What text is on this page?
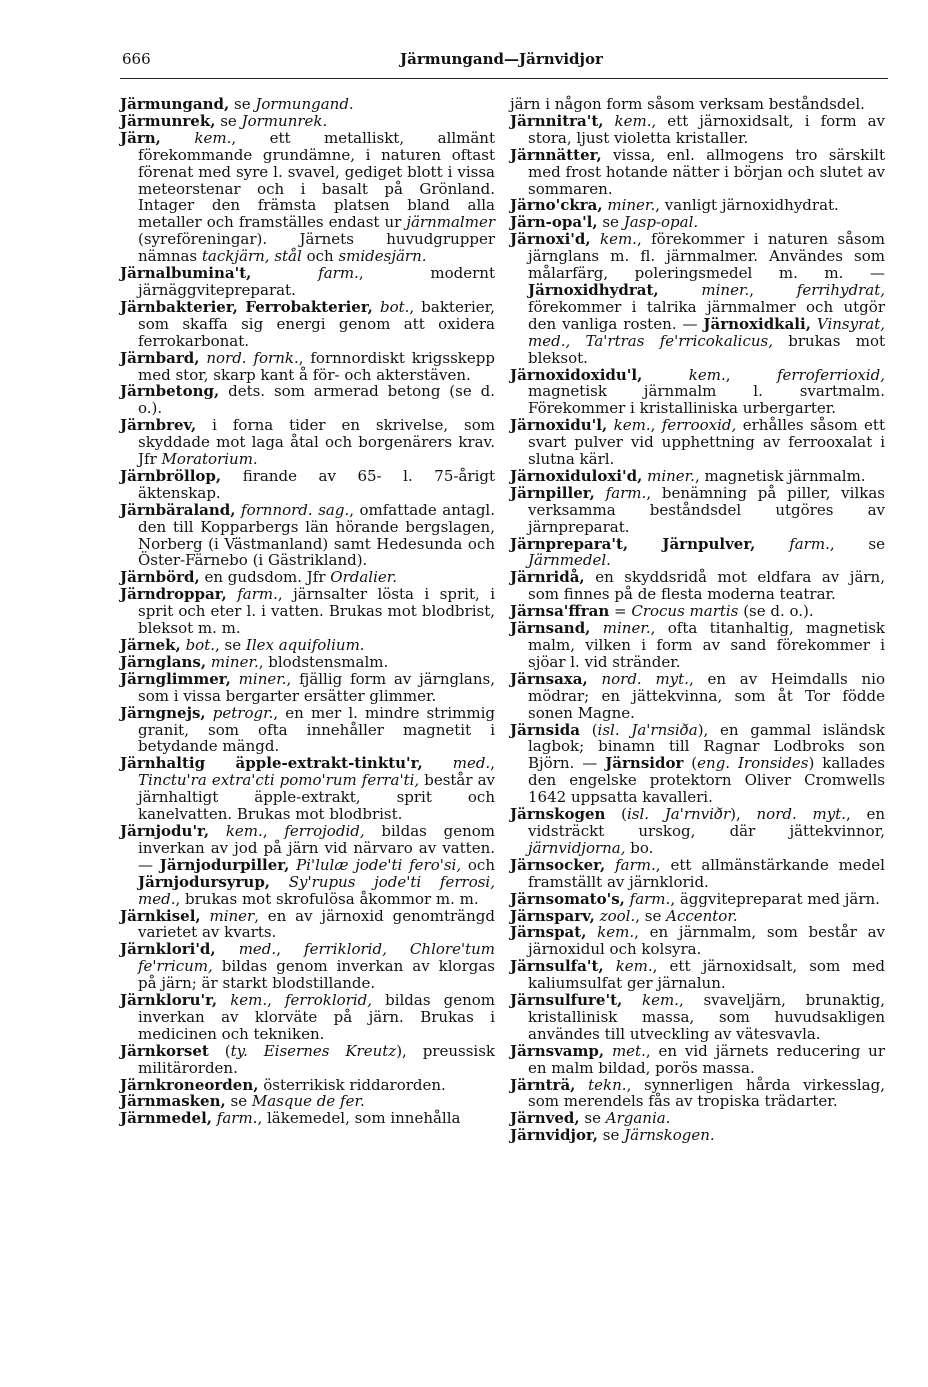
666	Järmungand—Järnvidjor
Järmungand, se Jormungand.
Järmunrek, se Jormunrek.
Järn, kem., ett metalliskt, allmänt förekommande grundämne, i naturen oftast förenat med syre l. svavel, gediget blott i vissa meteorstenar och i basalt på Grönland. Intager den främsta platsen bland alla metaller och framställes endast ur järnmalmer (syreföreningar). Järnets huvudgrupper nämnas tackjärn, stål och smidesjärn.
Järnalbumina't,	farm., modernt järnäggvitepreparat.
Järnbakterier, Ferrobakterier, bot., bakterier, som skaffa sig energi genom att oxidera ferrokarbonat.
Järnbard, nord. fornk., fornnordiskt krigsskepp med stor, skarp kant å för- och akterstäven.
Järnbetong, dets. som armerad betong (se d. o.).
Järnbrev, i forna tider en skrivelse, som skyddade mot laga åtal och borgenärers krav. Jfr Moratorium.
Järnbröllop, firande av 65- l. 75-årigt äktenskap.
Järnbäraland, fornnord. sag., omfattade antagl. den till Kopparbergs län hörande bergslagen, Norberg (i Västmanland) samt Hedesunda och Öster-Färnebo (i Gästrikland).
Järnbörd, en gudsdom. Jfr Ordalier.
Järndroppar, farm., järnsalter lösta i sprit, i sprit och eter l. i vatten. Brukas mot blodbrist, bleksot m. m.
Järnek, bot., se Ilex aquifolium.
Järnglans, miner., blodstensmalm.
Järnglimmer, miner., fjällig form av järnglans, som i vissa bergarter ersätter glimmer.
Järngnejs, petrogr., en mer l. mindre strimmig granit, som ofta innehåller magnetit i betydande mängd.
Järnhaltig äpple-extrakt-tinktu'r, med., Tinctu'ra extra'cti pomo'rum ferra'ti, består av järnhaltigt äpple-extrakt, sprit och kanelvatten. Brukas mot blodbrist.
Järnjodu'r, kem., ferrojodid, bildas genom inverkan av jod på järn vid närvaro av vatten. — Järnjodurpiller, Pi'lulæ jode'ti fero'si, och Järnjodursyrup, Sy'rupus jode'ti ferrosi, med., brukas mot skrofulösa åkommor m. m.
Järnkisel, miner, en av järnoxid genomträngd varietet av kvarts.
Järnklori'd, med., ferriklorid, Chlore'tum fe'rricum, bildas genom inverkan av klorgas på järn; är starkt blodstillande.
Järnkloru'r, kem., ferroklorid, bildas genom inverkan av klorväte på järn. Brukas i medicinen och tekniken.
Järnkorset (ty. Eisernes Kreutz), preussisk militärorden.
Järnkroneorden, österrikisk riddarorden.
Järnmasken, se Masque de fer.
Järnmedel, farm., läkemedel, som innehålla
järn i någon form såsom verksam beståndsdel.
Järnnitra't, kem., ett järnoxidsalt, i form av stora, ljust violetta kristaller.
Järnnätter, vissa, enl. allmogens tro särskilt med frost hotande nätter i början och slutet av sommaren.
Järno'ckra, miner., vanligt järnoxidhydrat.
Järn-opa'l, se Jasp-opal.
Järnoxi'd, kem., förekommer i naturen såsom järnglans m. fl. järnmalmer. Användes som målarfärg, poleringsmedel m. m. — Järnoxidhydrat,	miner., ferrihydrat, förekommer i talrika järnmalmer och utgör den vanliga rosten. — Järnoxidkali, Vinsyrat, med., Ta'rtras fe'rricokalicus, brukas mot bleksot.
Järnoxidoxidu'l,	kem., ferroferrioxid, magnetisk järnmalm l. svartmalm. Förekommer i kristalliniska urbergarter.
Järnoxidu'l, kem., ferrooxid, erhålles såsom ett svart pulver vid upphettning av ferrooxalat i slutna kärl.
Järnoxiduloxi'd, miner., magnetisk järnmalm.
Järnpiller, farm., benämning på piller, vilkas verksamma beståndsdel utgöres av järnpreparat.
Järnprepara't, Järnpulver, farm., se Järnmedel.
Järnridå, en skyddsridå mot eldfara av järn, som finnes på de flesta moderna teatrar.
Järnsa'ffran = Crocus martis (se d. o.).
Järnsand, miner., ofta titanhaltig, magnetisk malm, vilken i form av sand förekommer i sjöar l. vid stränder.
Järnsaxa, nord. myt., en av Heimdalls nio mödrar; en jättekvinna, som åt Tor födde sonen Magne.
Järnsida (isl. Ja'rnsiða), en gammal isländsk lagbok; binamn till Ragnar Lodbroks son Björn. — Järnsidor (eng. Ironsides) kallades den engelske protektorn Oliver Cromwells 1642 uppsatta kavalleri.
Järnskogen (isl. Ja'rnviðr), nord. myt., en vidsträckt urskog, där jättekvinnor, järnvidjorna, bo.
Järnsocker, farm., ett allmänstärkande medel framställt av järnklorid.
Järnsomato's, farm., äggvitepreparat med järn.
Järnsparv, zool., se Accentor.
Järnspat, kem., en järnmalm, som består av järnoxidul och kolsyra.
Järnsulfa't, kem., ett järnoxidsalt, som med kaliumsulfat ger järnalun.
Järnsulfure't, kem., svaveljärn, brunaktig, kristallinisk massa, som huvudsakligen användes till utveckling av vätesvavla.
Järnsvamp, met., en vid järnets reducering ur en malm bildad, porös massa.
Järnträ, tekn., synnerligen hårda virkesslag, som merendels fås av tropiska trädarter.
Järnved, se Argania.
Järnvidjor, se Järnskogen.
